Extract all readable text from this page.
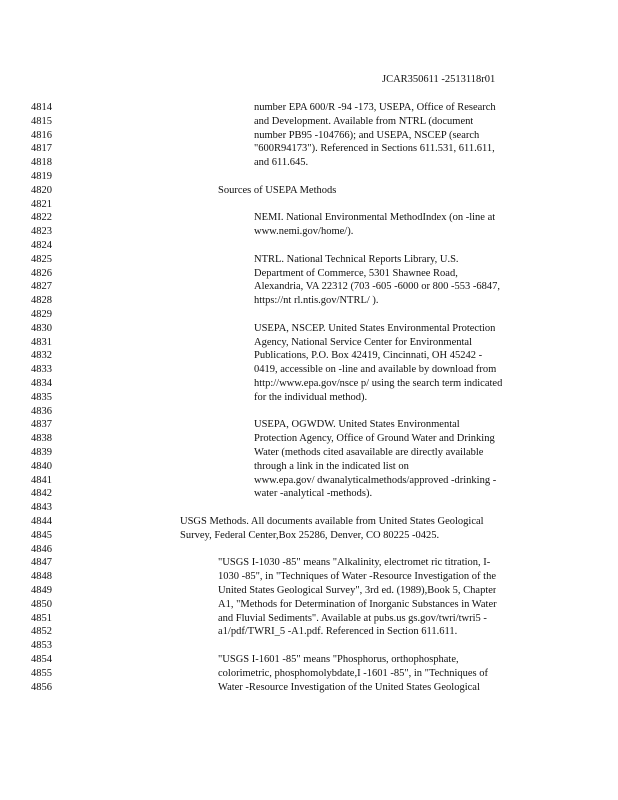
JCAR350611 -2513118r01
4814	number EPA 600/R -94 -173, USEPA, Office of Research
4815	and Development. Available from NTRL (document
4816	number PB95 -104766); and USEPA, NSCEP (search
4817	"600R94173"). Referenced in Sections 611.531, 611.611,
4818	and 611.645.
4819
4820	Sources of USEPA Methods
4821
4822	NEMI. National Environmental MethodIndex (on -line at
4823	www.nemi.gov/home/).
4824
4825	NTRL. National Technical Reports Library, U.S.
4826	Department of Commerce, 5301 Shawnee Road,
4827	Alexandria, VA 22312 (703 -605 -6000 or 800 -553 -6847,
4828	https://nt rl.ntis.gov/NTRL/ ).
4829
4830	USEPA, NSCEP. United States Environmental Protection
4831	Agency, National Service Center for Environmental
4832	Publications, P.O. Box 42419, Cincinnati, OH 45242 -
4833	0419, accessible on -line and available by download from
4834	http://www.epa.gov/nsce p/ using the search term indicated
4835	for the individual method).
4836
4837	USEPA, OGWDW. United States Environmental
4838	Protection Agency, Office of Ground Water and Drinking
4839	Water (methods cited asavailable are directly available
4840	through a link in the indicated list on
4841	www.epa.gov/ dwanalyticalmethods/approved -drinking -
4842	water -analytical -methods).
4843
4844	USGS Methods. All documents available from United States Geological
4845	Survey, Federal Center,Box 25286, Denver, CO 80225 -0425.
4846
4847	"USGS I-1030 -85" means "Alkalinity, electromet ric titration, I-
4848	1030 -85", in "Techniques of Water -Resource Investigation of the
4849	United States Geological Survey", 3rd ed. (1989),Book 5, Chapter
4850	A1, "Methods for Determination of Inorganic Substances in Water
4851	and Fluvial Sediments". Available at pubs.us gs.gov/twri/twri5 -
4852	a1/pdf/TWRI_5 -A1.pdf. Referenced in Section 611.611.
4853
4854	"USGS I-1601 -85" means "Phosphorus, orthophosphate,
4855	colorimetric, phosphomolybdate,I -1601 -85", in "Techniques of
4856	Water -Resource Investigation of the United States Geological
